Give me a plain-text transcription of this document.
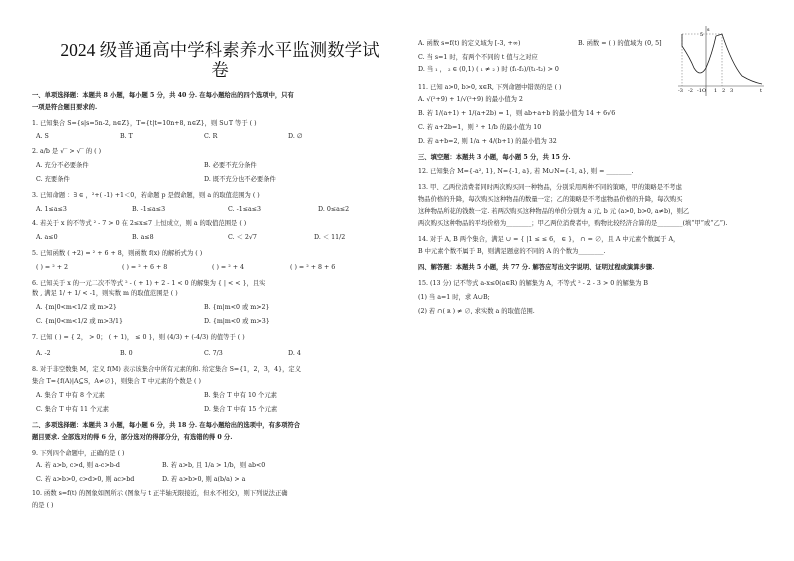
2024 级普通高中学科素养水平监测数学试
卷
一、单项选择题：本题共 8 小题，每小题 5 分，共 40 分. 在每小题给出的四个选项中，只有
一项是符合题目要求的.
1. 已知集合 S={s|s=5n-2, n∈Z}，T={t|t=10n+8, n∈Z}，则 S∪T 等于 ( )
A. S	B. T	C. R	D. ∅
2. a/b 是 √‾ > √‾ 的 ( )
A. 充分不必要条件	B. 必要不充分条件
C. 充要条件	D. 既不充分也不必要条件
3. 已知命题 ：∃ ∈ ，²+( -1) +1＜0，若命题 p 是假命题，则 a 的取值范围为 ( )
A. 1≤a≤3	B. -1≤a≤3	C. -1≤a≤3	D. 0≤a≤2
4. 若关于 x 的不等式 ² - 7 > 0 在 2≤x≤7 上恒成立，则 a 的取值范围是 ( )
A. a≤0	B. a≤8	C. ＜ 2√7	D. ＜ 11/2
5. 已知函数 ( +2) = ² + 6 + 8，则函数 f(x) 的解析式为 ( )
( ) = ² + 2	( ) = ² + 6 + 8	( ) = ² + 4	( ) = ² + 8 + 6
6. 已知关于 x 的一元二次不等式 ² - ( + 1) + 2 - 1 < 0 的解集为 { | < < }，且实
数 , 满足 1/ + 1/ < -1，则实数 m 的取值范围是 ( )
A. {m|0<m<1/2 或 m>2}	B. {m|m<0 或 m>2}
C. {m|0<m<1/2 或 m>3/1}	D. {m|m<0 或 m>3}
7. 已知 ( ) = { 2， > 0； ( + 1)， ≤ 0 }，则 (4/3) + (-4/3) 的值等于 ( )
A. -2	B. 0	C. 7/3	D. 4
8. 对于非空数集 M，定义 f(M) 表示该集合中所有元素的和. 给定集合 S={1，2，3，4}，定义
集合 T={f(A)|A⊆S，A≠∅}，则集合 T 中元素的个数是 ( )
A. 集合 T 中有 8 个元素	B. 集合 T 中有 10 个元素
C. 集合 T 中有 11 个元素	D. 集合 T 中有 15 个元素
二、多项选择题：本题共 3 小题，每小题 6 分，共 18 分. 在每小题给出的选项中，有多项符合
题目要求. 全部选对的得 6 分，部分选对的得部分分，有选错的得 0 分.
9. 下列四个命题中，正确的是 ( )
A. 若 a>b, c>d, 则 a-c>b-d	B. 若 a>b, 且 1/a > 1/b，则 ab<0
C. 若 a>b>0, c>d>0, 则 ac>bd	D. 若 a>b>0, 则 a(b/a) > a
10. 函数 s=f(t) 的图象如图所示 (图象与 t 正半轴无限接近，但永不相交)，则下列说法正确
的是 ( )
A. 函数 s=f(t) 的定义域为 [-3, +∞)	B. 函数 = ( ) 的值域为 (0, 5]
C. 当 s=1 时，有两个不同的 t 值与之对应
D. 当 ₁ ， ₂ ∈ (0,1) ( ₁ ≠ ₂ ) 时 (f₁-f₂)/(t₁-t₂) > 0
s
t
O
5
-3 -2 -1 1 2 3
11. 已知 a>0, b>0, x∈R, 下列命题中错误的是 ( )
A. √(²+9) + 1/√(²+9) 的最小值为 2
B. 若 1/(a+1) + 1/(a+2b) = 1，则 ab+a+b 的最小值为 14 + 6√6
C. 若 a+2b=1，则 ² + 1/b 的最小值为 10
D. 若 a+b=2, 则 1/a + 4/(b+1) 的最小值为 32
三、填空题：本题共 3 小题，每小题 5 分，共 15 分.
12. 已知集合 M={-a², 1}, N={-1, a}, 若 M∪N={-1, a}, 则 = ________.
13. 甲、乙两位消费者同时两次购买同一种物品，分别采用两种不同的策略，甲的策略是不考虑
物品价格的升降，每次购买这种物品的数量一定；乙的策略是不考虑物品价格的升降，每次购买
这种物品所花的钱数一定. 若两次购买这种物品的单价分别为 a 元, b 元 (a>0, b>0, a≠b)，则乙
两次购买这种物品的平均价格为________；甲乙两位消费者中，购物比较经济合算的是________(填“甲”或“乙”).
14. 对于 A, B 两个集合，满足 ∪ = { |1 ≤ ≤ 6， ∈ }， ∩ = ∅，且 A 中元素个数属于 A，
B 中元素个数不属于 B，则满足题意的不同的 A 的个数为________.
四、解答题：本题共 5 小题，共 77 分. 解答应写出文字说明、证明过程或演算步骤.
15. (13 分) 记不等式 a-x≤0(a∈R) 的解集为 A，不等式 ² - 2 - 3 > 0 的解集为 B
(1) 当 a=1 时，求 A∪B;
(2) 若 ∩( ʀ ) ≠ ∅, 求实数 a 的取值范围.
